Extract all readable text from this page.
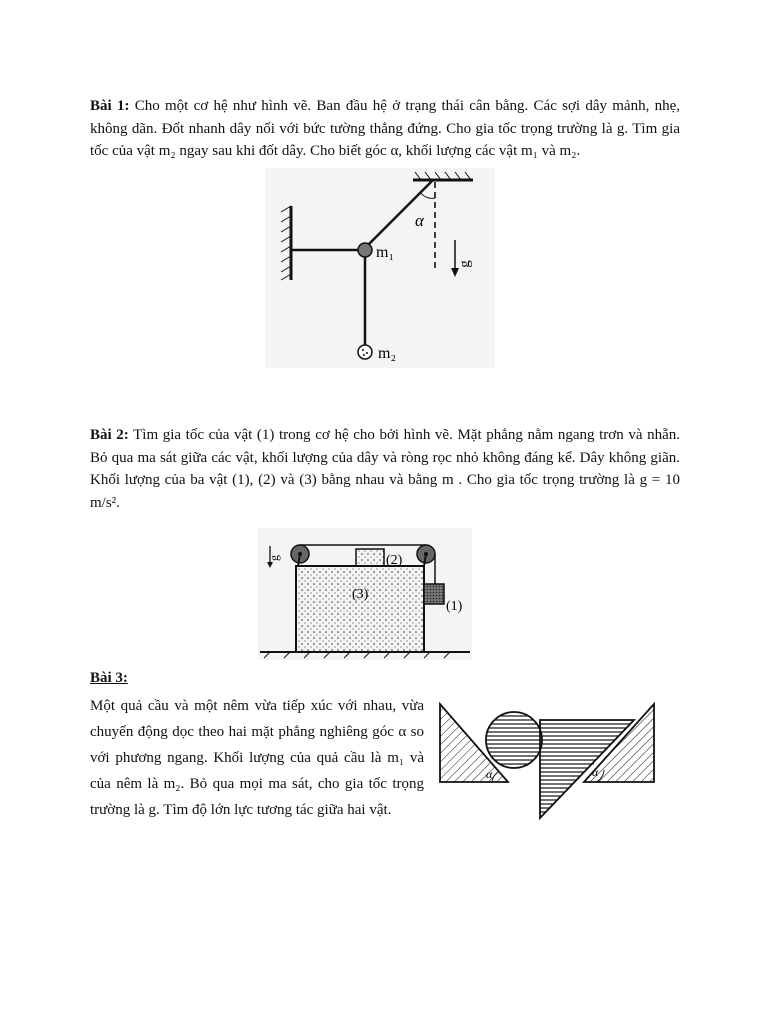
Bài 1: Cho một cơ hệ như hình vẽ. Ban đầu hệ ở trạng thái cân bằng. Các sợi dây mảnh, nhẹ, không dãn. Đốt nhanh dây nối với bức tường thẳng đứng. Cho gia tốc trọng trường là g. Tìm gia tốc của vật m₂ ngay sau khi đốt dây. Cho biết góc α, khối lượng các vật m₁ và m₂.
α
m₁
m₂
g
Bài 2: Tìm gia tốc của vật (1) trong cơ hệ cho bởi hình vẽ. Mặt phẳng nằm ngang trơn và nhẵn. Bỏ qua ma sát giữa các vật, khối lượng của dây và ròng rọc nhỏ không đáng kể. Dây không giãn. Khối lượng của ba vật (1), (2) và (3) bằng nhau và bằng m . Cho gia tốc trọng trường là g = 10 m/s².
g	(2)
(3)
(1)
Bài 3:
Một quả cầu và một nêm vừa tiếp xúc với nhau, vừa chuyển động dọc theo hai mặt phẳng nghiêng góc α so với phương ngang. Khối lượng của quả cầu là m₁ và của nêm là m₂. Bỏ qua mọi ma sát, cho gia tốc trọng trường là g. Tìm độ lớn lực tương tác giữa hai vật.
α	α
